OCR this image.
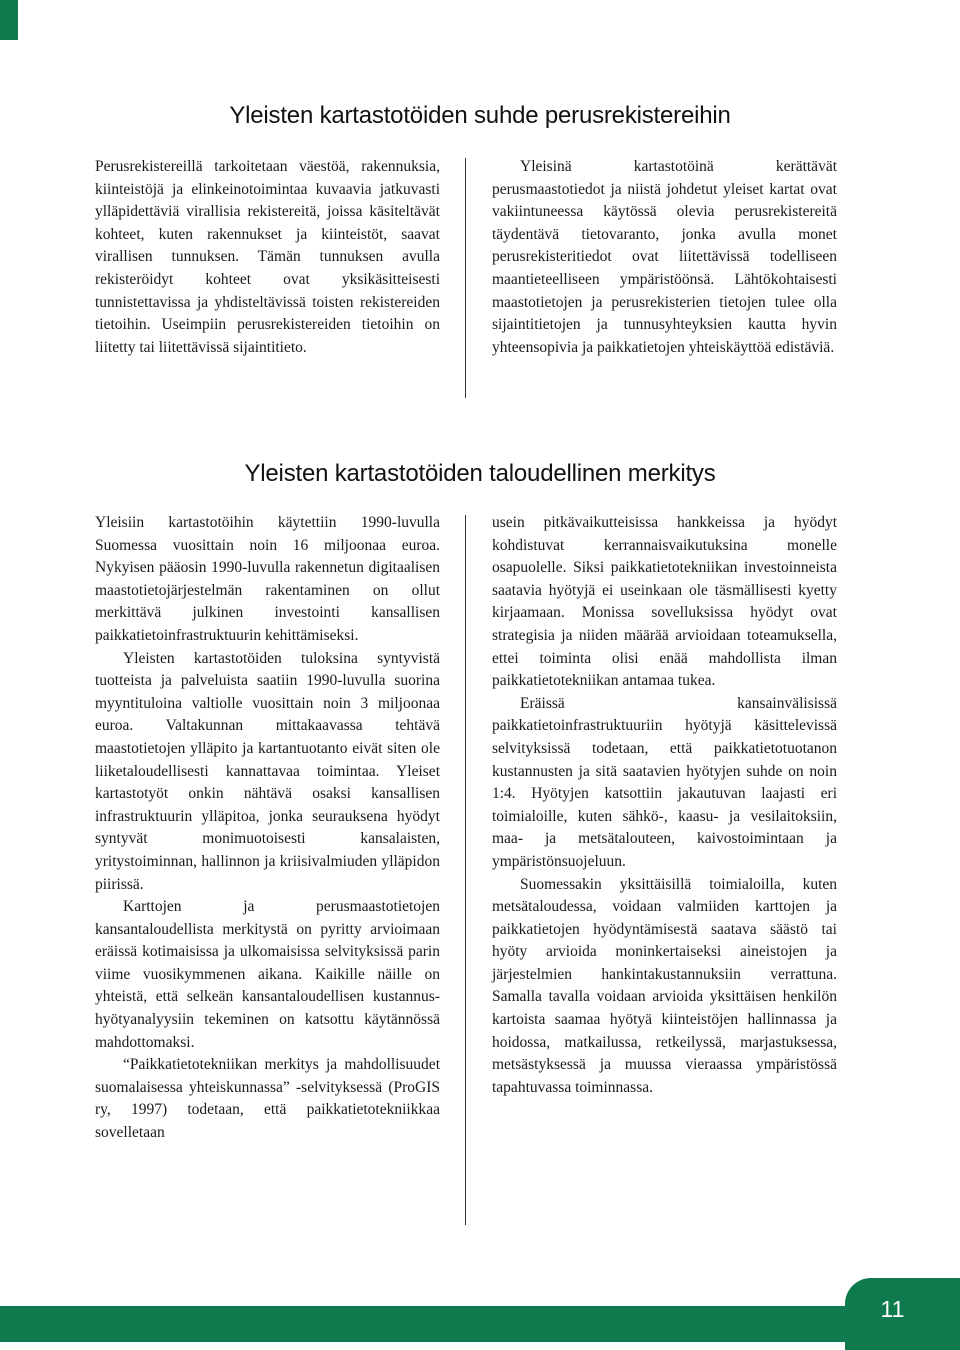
Yleisten kartastotöiden suhde perusrekistereihin

Perusrekistereillä tarkoitetaan väestöä, rakennuksia, kiinteistöjä ja elinkeinotoimintaa kuvaavia jatkuvasti ylläpidettäviä virallisia rekistereitä, joissa käsiteltävät kohteet, kuten rakennukset ja kiinteistöt, saavat virallisen tunnuksen. Tämän tunnuksen avulla rekisteröidyt kohteet ovat yksikäsitteisesti tunnistettavissa ja yhdisteltävissä toisten rekistereiden tietoihin. Useimpiin perusrekistereiden tietoihin on liitetty tai liitettävissä sijaintitieto.

Yleisinä kartastotöinä kerättävät perusmaastotiedot ja niistä johdetut yleiset kartat ovat vakiintuneessa käytössä olevia perusrekistereitä täydentävä tietovaranto, jonka avulla monet perusrekisteritiedot ovat liitettävissä todelliseen maantieteelliseen ympäristöönsä. Lähtökohtaisesti maastotietojen ja perusrekisterien tietojen tulee olla sijaintitietojen ja tunnusyhteyksien kautta hyvin yhteensopivia ja paikkatietojen yhteiskäyttöä edistäviä.

Yleisten kartastotöiden taloudellinen merkitys

Yleisiin kartastotöihin käytettiin 1990-luvulla Suomessa vuosittain noin 16 miljoonaa euroa. Nykyisen pääosin 1990-luvulla rakennetun digitaalisen maastotietojärjestelmän rakentaminen on ollut merkittävä julkinen investointi kansallisen paikkatietoinfrastruktuurin kehittämiseksi.

Yleisten kartastotöiden tuloksina syntyvistä tuotteista ja palveluista saatiin 1990-luvulla suorina myyntituloina valtiolle vuosittain noin 3 miljoonaa euroa. Valtakunnan mittakaavassa tehtävä maastotietojen ylläpito ja kartantuotanto eivät siten ole liiketaloudellisesti kannattavaa toimintaa. Yleiset kartastotyöt onkin nähtävä osaksi kansallisen infrastruktuurin ylläpitoa, jonka seurauksena hyödyt syntyvät monimuotoisesti kansalaisten, yritystoiminnan, hallinnon ja kriisivalmiuden ylläpidon piirissä.

Karttojen ja perusmaastotietojen kansantaloudellista merkitystä on pyritty arvioimaan eräissä kotimaisissa ja ulkomaisissa selvityksissä parin viime vuosikymmenen aikana. Kaikille näille on yhteistä, että selkeän kansantaloudellisen kustannus-hyötyanalyysiin tekeminen on katsottu käytännössä mahdottomaksi.

“Paikkatietotekniikan merkitys ja mahdollisuudet suomalaisessa yhteiskunnassa” -selvityksessä (ProGIS ry, 1997) todetaan, että paikkatietotekniikkaa sovelletaan

usein pitkävaikutteisissa hankkeissa ja hyödyt kohdistuvat kerrannaisvaikutuksina monelle osapuolelle. Siksi paikkatietotekniikan investoinneista saatavia hyötyjä ei useinkaan ole täsmällisesti kyetty kirjaamaan. Monissa sovelluksissa hyödyt ovat strategisia ja niiden määrää arvioidaan toteamuksella, ettei toiminta olisi enää mahdollista ilman paikkatietotekniikan antamaa tukea.

Eräissä kansainvälisissä paikkatietoinfrastruktuuriin hyötyjä käsittelevissä selvityksissä todetaan, että paikkatietotuotanon kustannusten ja sitä saatavien hyötyjen suhde on noin 1:4. Hyötyjen katsottiin jakautuvan laajasti eri toimialoille, kuten sähkö-, kaasu- ja vesilaitoksiin, maa- ja metsätalouteen, kaivostoimintaan ja ympäristönsuojeluun.

Suomessakin yksittäisillä toimialoilla, kuten metsätaloudessa, voidaan valmiiden karttojen ja paikkatietojen hyödyntämisestä saatava säästö tai hyöty arvioida moninkertaiseksi aineistojen ja järjestelmien hankintakustannuksiin verrattuna. Samalla tavalla voidaan arvioida yksittäisen henkilön kartoista saamaa hyötyä kiinteistöjen hallinnassa ja hoidossa, matkailussa, retkeilyssä, marjastuksessa, metsästyksessä ja muussa vieraassa ympäristössä tapahtuvassa toiminnassa.

11
